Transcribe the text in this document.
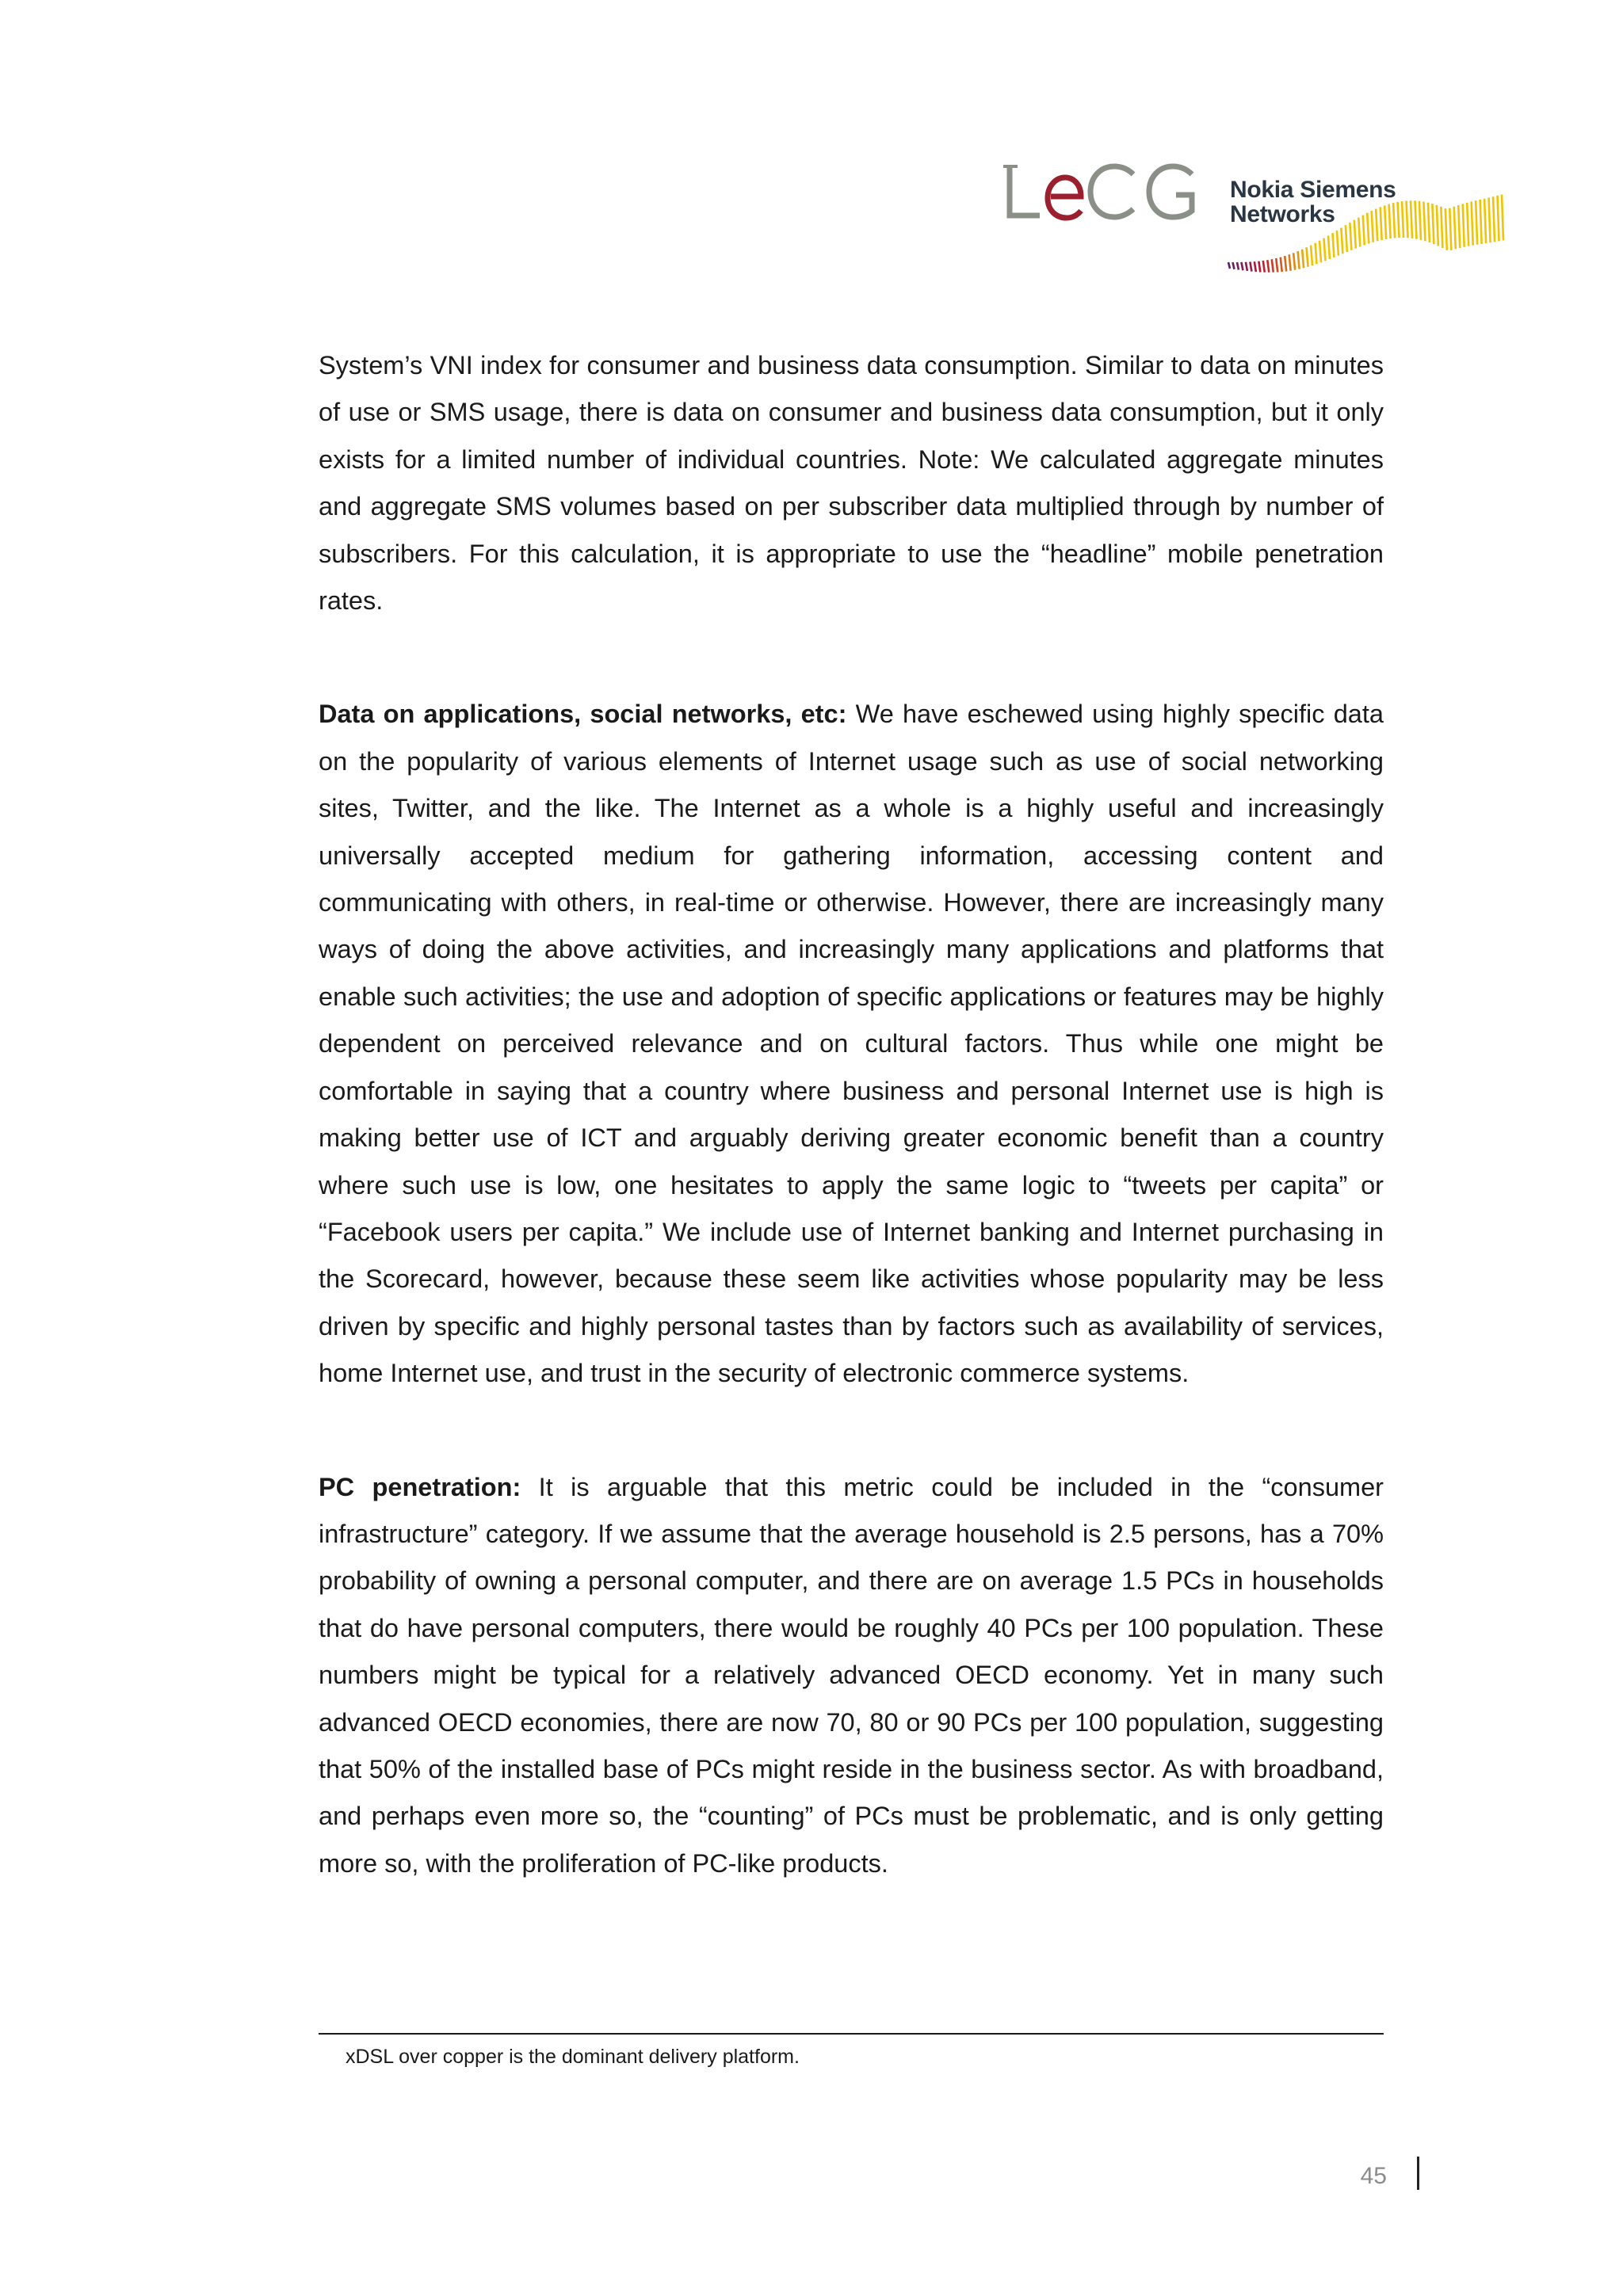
Nokia Siemens
Networks

System’s VNI index for consumer and business data consumption. Similar to data on minutes of use or SMS usage, there is data on consumer and business data consumption, but it only exists for a limited number of individual countries. Note: We calculated aggregate minutes and aggregate SMS volumes based on per subscriber data multiplied through by number of subscribers. For this calculation, it is appropriate to use the “headline” mobile penetration rates.

Data on applications, social networks, etc: We have eschewed using highly specific data on the popularity of various elements of Internet usage such as use of social networking sites, Twitter, and the like. The Internet as a whole is a highly useful and increasingly universally accepted medium for gathering information, accessing content and communicating with others, in real-time or otherwise. However, there are increasingly many ways of doing the above activities, and increasingly many applications and platforms that enable such activities; the use and adoption of specific applications or features may be highly dependent on perceived relevance and on cultural factors. Thus while one might be comfortable in saying that a country where business and personal Internet use is high is making better use of ICT and arguably deriving greater economic benefit than a country where such use is low, one hesitates to apply the same logic to “tweets per capita” or “Facebook users per capita.” We include use of Internet banking and Internet purchasing in the Scorecard, however, because these seem like activities whose popularity may be less driven by specific and highly personal tastes than by factors such as availability of services, home Internet use, and trust in the security of electronic commerce systems.

PC penetration: It is arguable that this metric could be included in the “consumer infrastructure” category. If we assume that the average household is 2.5 persons, has a 70% probability of owning a personal computer, and there are on average 1.5 PCs in households that do have personal computers, there would be roughly 40 PCs per 100 population. These numbers might be typical for a relatively advanced OECD economy. Yet in many such advanced OECD economies, there are now 70, 80 or 90 PCs per 100 population, suggesting that 50% of the installed base of PCs might reside in the business sector. As with broadband, and perhaps even more so, the “counting” of PCs must be problematic, and is only getting more so, with the proliferation of PC-like products.

xDSL over copper is the dominant delivery platform.
45
